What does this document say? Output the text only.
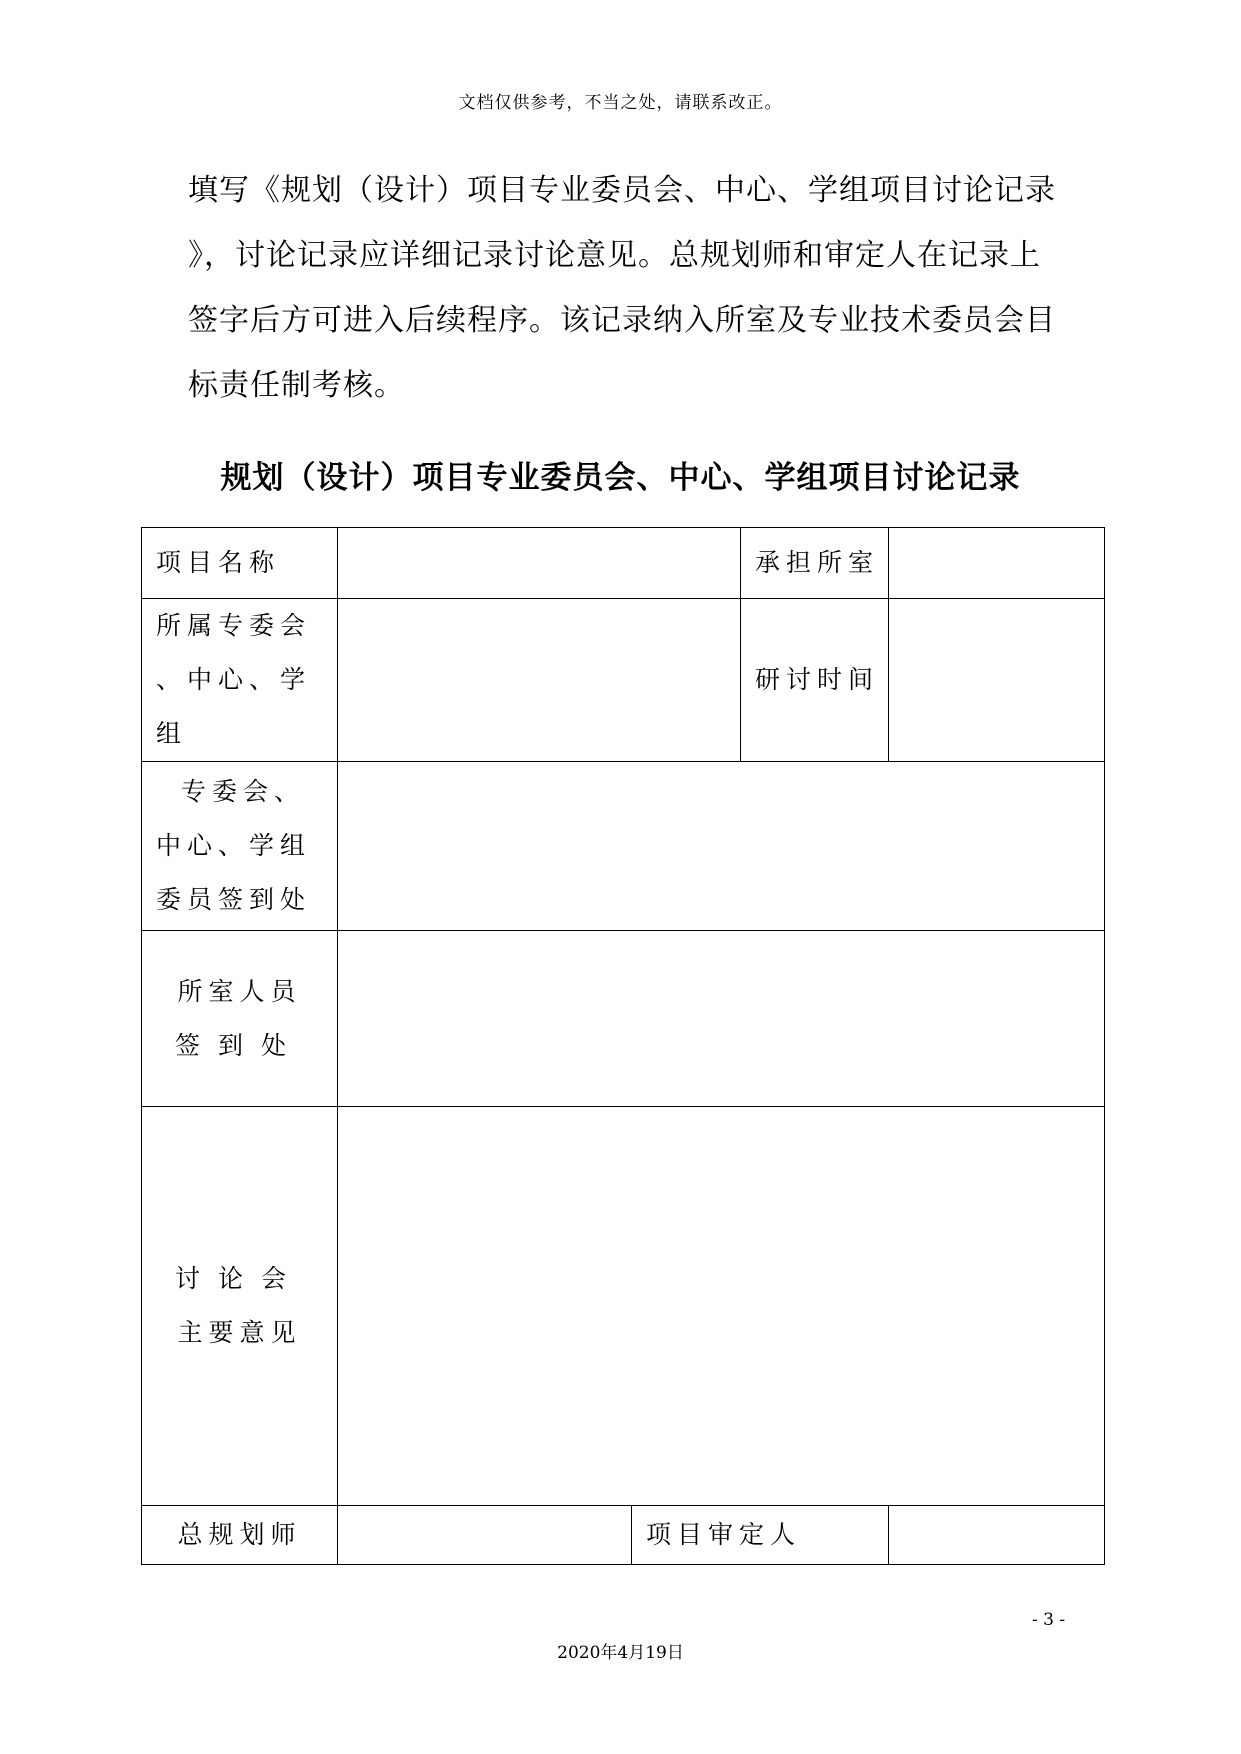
文档仅供参考，不当之处，请联系改正。
填写《规划（设计）项目专业委员会、中心、学组项目讨论记录
》，讨论记录应详细记录讨论意见。总规划师和审定人在记录上
签字后方可进入后续程序。该记录纳入所室及专业技术委员会目
标责任制考核。
规划（设计）项目专业委员会、中心、学组项目讨论记录
项目名称			承担所室	

所属专委会
、中心、学
组			研讨时间	

专委会、
中心、学组
委员签到处				

所室人员
签到处				

讨论会
主要意见				

总规划师		项目审定人		
- 3 -
2020年4月19日
